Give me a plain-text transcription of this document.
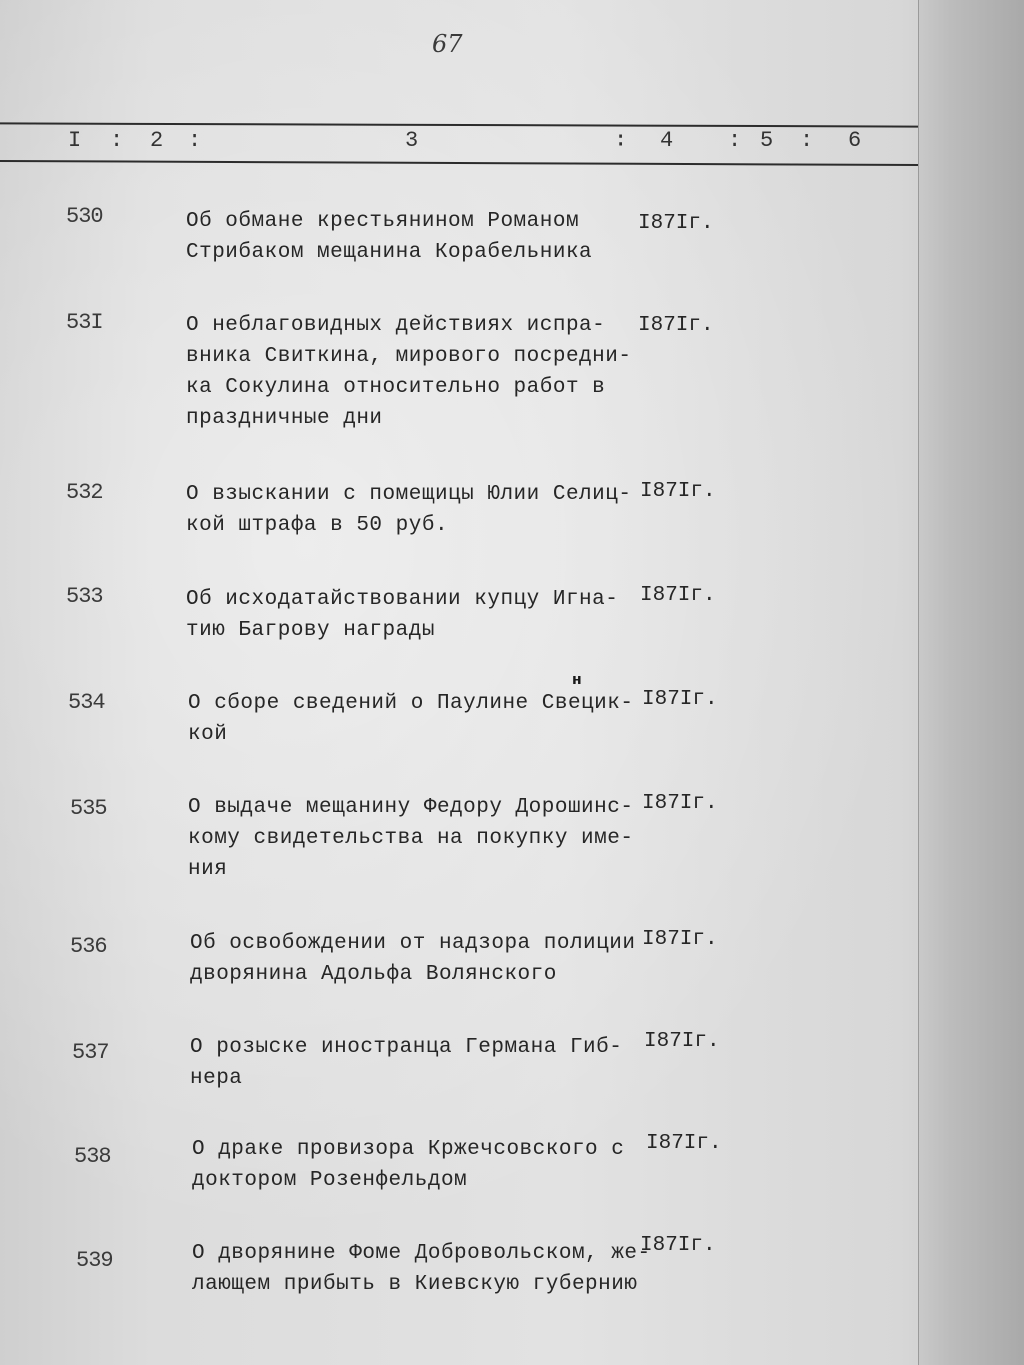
67
I : 2 :	3	∶ 4 : 5 : 6
530	Об обмане крестьянином Романом
Стрибаком мещанина Корабельника
I87Iг.
53I	О неблаговидных действиях испра-
вника Свиткина, мирового посредни-
ка Сокулина относительно работ в
праздничные дни
I87Iг.
532	О взыскании с помещицы Юлии Селиц-
кой штрафа в 50 руб.
I87Iг.
533	Об исходатайствовании купцу Игна-
тию Багрову награды
I87Iг.
534	О сборе сведений о Паулине Свецик-
кой
н
I87Iг.
535	О выдаче мещанину Федору Дорошинс-
кому свидетельства на покупку име-
ния
I87Iг.
536	Об освобождении от надзора полиции
дворянина Адольфа Волянского
I87Iг.
537	О розыске иностранца Германа Гиб-
нера
I87Iг.
538	О драке провизора Кржечсовского с
доктором Розенфельдом
I87Iг.
539	О дворянине Фоме Добровольском, же-
лающем прибыть в Киевскую губернию
I87Iг.
